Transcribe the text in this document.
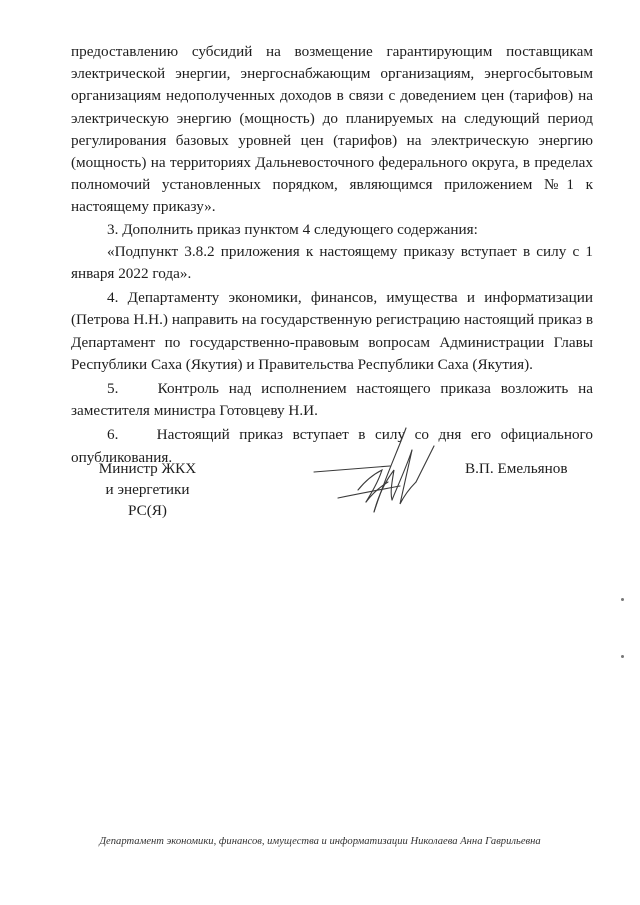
предоставлению субсидий на возмещение гарантирующим поставщикам электрической энергии, энергоснабжающим организациям, энергосбытовым организациям недополученных доходов в связи с доведением цен (тарифов) на электрическую энергию (мощность) до планируемых на следующий период регулирования базовых уровней цен (тарифов) на электрическую энергию (мощность) на территориях Дальневосточного федерального округа, в пределах полномочий установленных порядком, являющимся приложением №1 к настоящему приказу».

3. Дополнить приказ пунктом 4 следующего содержания:

«Подпункт 3.8.2 приложения к настоящему приказу вступает в силу с 1 января 2022 года».

4. Департаменту экономики, финансов, имущества и информатизации (Петрова Н.Н.) направить на государственную регистрацию настоящий приказ в Департамент по государственно-правовым вопросам Администрации Главы Республики Саха (Якутия) и Правительства Республики Саха (Якутия).

5.    Контроль над исполнением настоящего приказа возложить на заместителя министра Готовцеву Н.И.

6.    Настоящий приказ вступает в силу со дня его официального опубликования.

Министр ЖКХ
и энергетики
РС(Я)
В.П. Емельянов
Департамент экономики, финансов, имущества и информатизации Николаева Анна Гаврильевна
